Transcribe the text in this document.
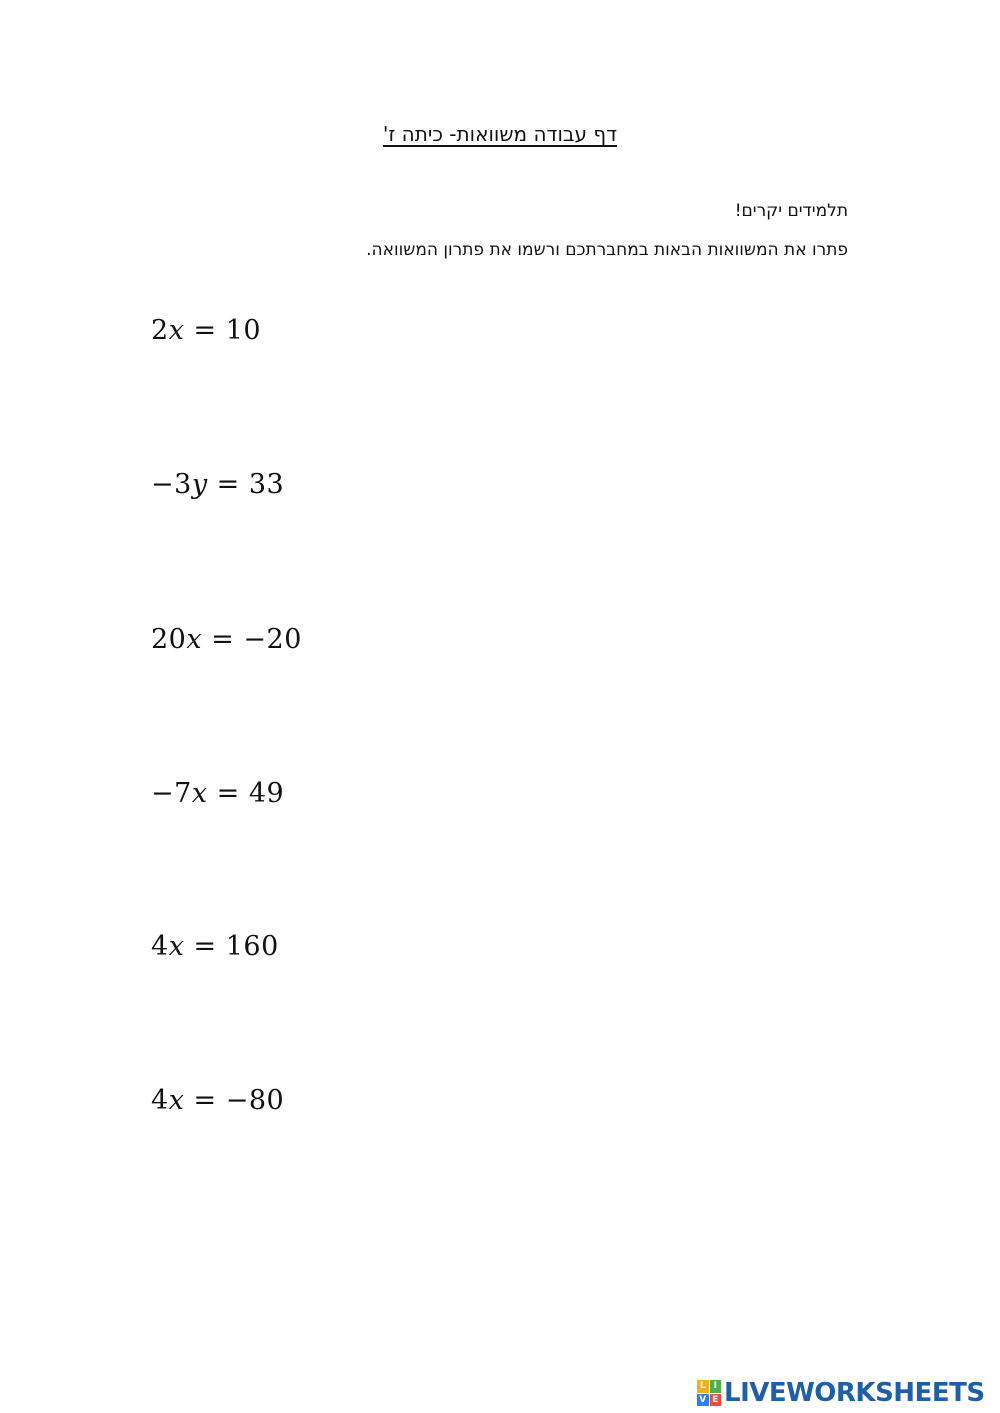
דף עבודה משוואות- כיתה ז'
תלמידים יקרים!
פתרו את המשוואות הבאות במחברתכם ורשמו את פתרון המשוואה.
2x = 10
−3y = 33
20x = −20
−7x = 49
4x = 160
4x = −80
L I
V E LIVEWORKSHEETS
